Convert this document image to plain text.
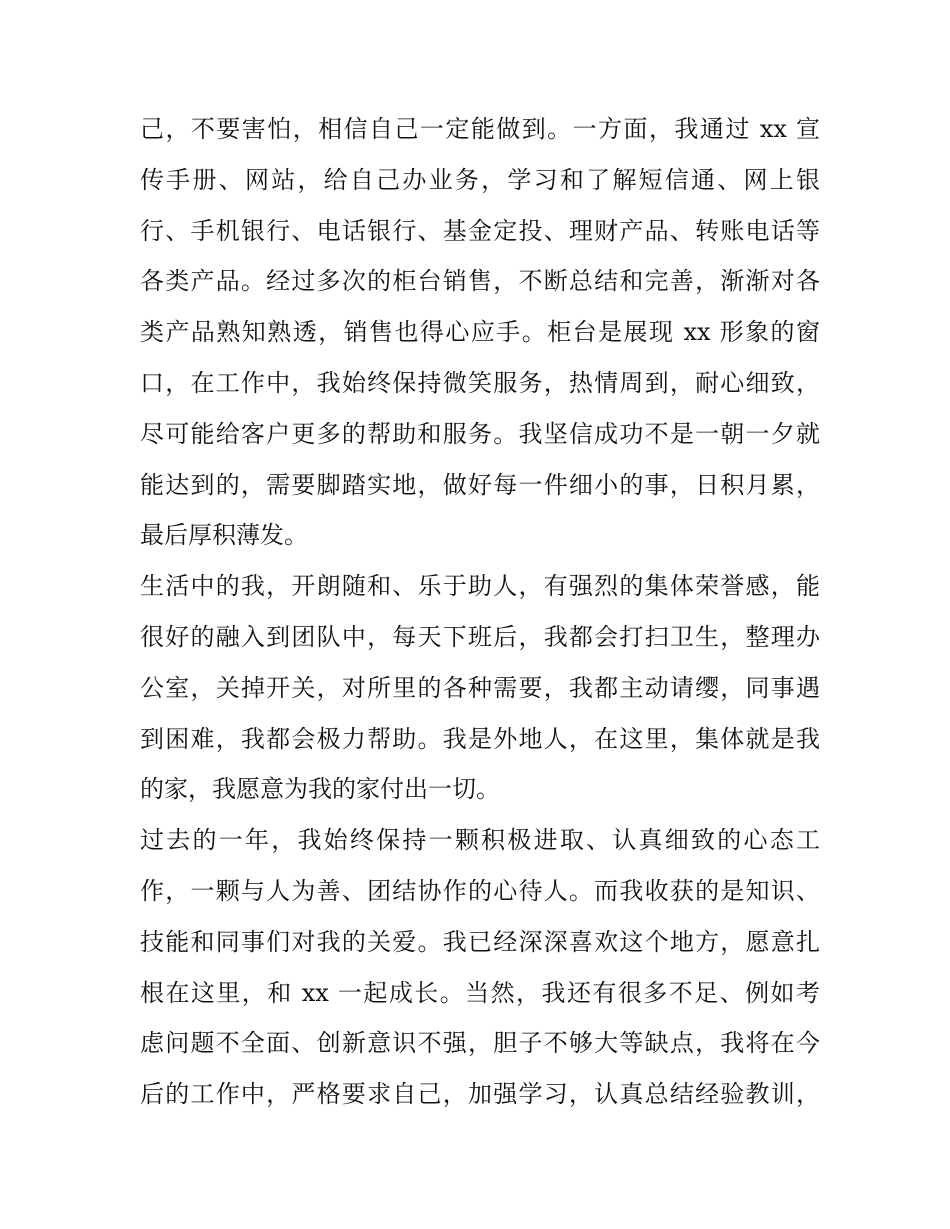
己，不要害怕，相信自己一定能做到。一方面，我通过 xx 宣
传手册、网站，给自己办业务，学习和了解短信通、网上银
行、手机银行、电话银行、基金定投、理财产品、转账电话等
各类产品。经过多次的柜台销售，不断总结和完善，渐渐对各
类产品熟知熟透，销售也得心应手。柜台是展现 xx 形象的窗
口，在工作中，我始终保持微笑服务，热情周到，耐心细致，
尽可能给客户更多的帮助和服务。我坚信成功不是一朝一夕就
能达到的，需要脚踏实地，做好每一件细小的事，日积月累，
最后厚积薄发。
生活中的我，开朗随和、乐于助人，有强烈的集体荣誉感，能
很好的融入到团队中，每天下班后，我都会打扫卫生，整理办
公室，关掉开关，对所里的各种需要，我都主动请缨，同事遇
到困难，我都会极力帮助。我是外地人，在这里，集体就是我
的家，我愿意为我的家付出一切。
过去的一年，我始终保持一颗积极进取、认真细致的心态工
作，一颗与人为善、团结协作的心待人。而我收获的是知识、
技能和同事们对我的关爱。我已经深深喜欢这个地方，愿意扎
根在这里，和 xx 一起成长。当然，我还有很多不足、例如考
虑问题不全面、创新意识不强，胆子不够大等缺点，我将在今
后的工作中，严格要求自己，加强学习，认真总结经验教训，
